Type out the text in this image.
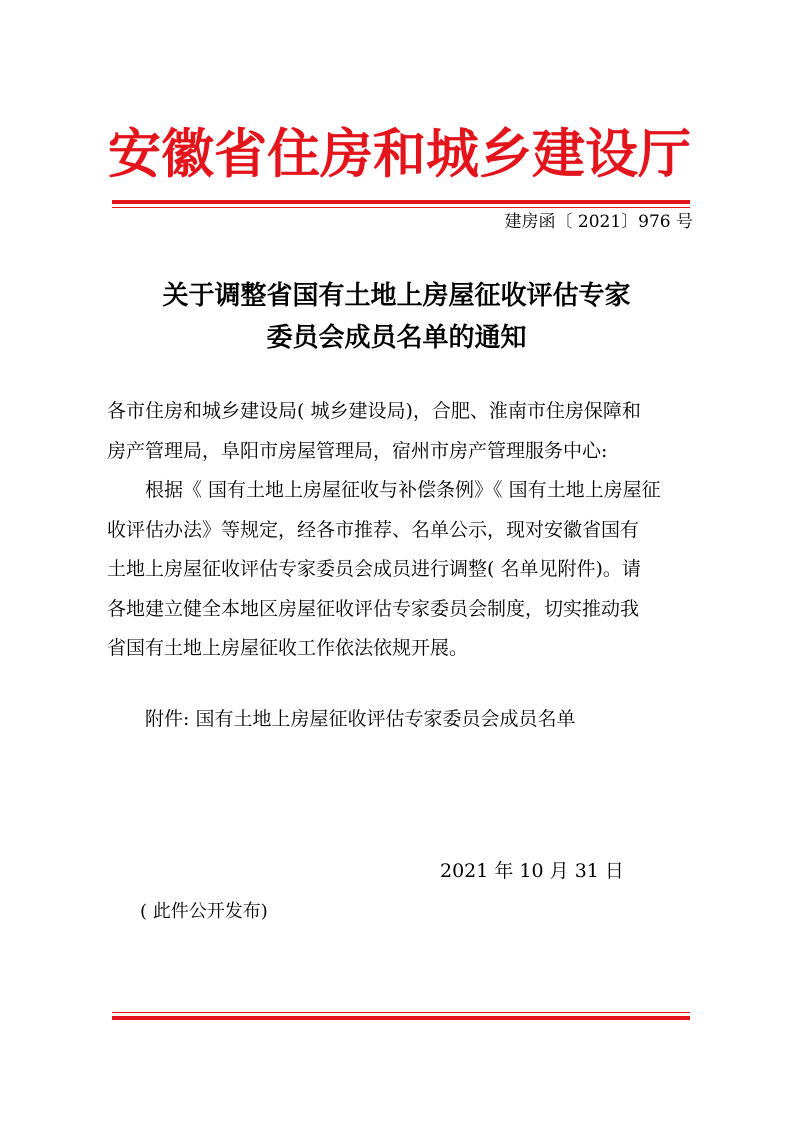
安徽省住房和城乡建设厅
建房函〔 2021〕976 号
关于调整省国有土地上房屋征收评估专家
委员会成员名单的通知
各市住房和城乡建设局( 城乡建设局)，合肥、淮南市住房保障和
房产管理局，阜阳市房屋管理局，宿州市房产管理服务中心:
根据《 国有土地上房屋征收与补偿条例》《 国有土地上房屋征
收评估办法》等规定，经各市推荐、名单公示，现对安徽省国有
土地上房屋征收评估专家委员会成员进行调整( 名单见附件)。请
各地建立健全本地区房屋征收评估专家委员会制度，切实推动我
省国有土地上房屋征收工作依法依规开展。
附件: 国有土地上房屋征收评估专家委员会成员名单
2021 年 10 月 31 日
( 此件公开发布)
